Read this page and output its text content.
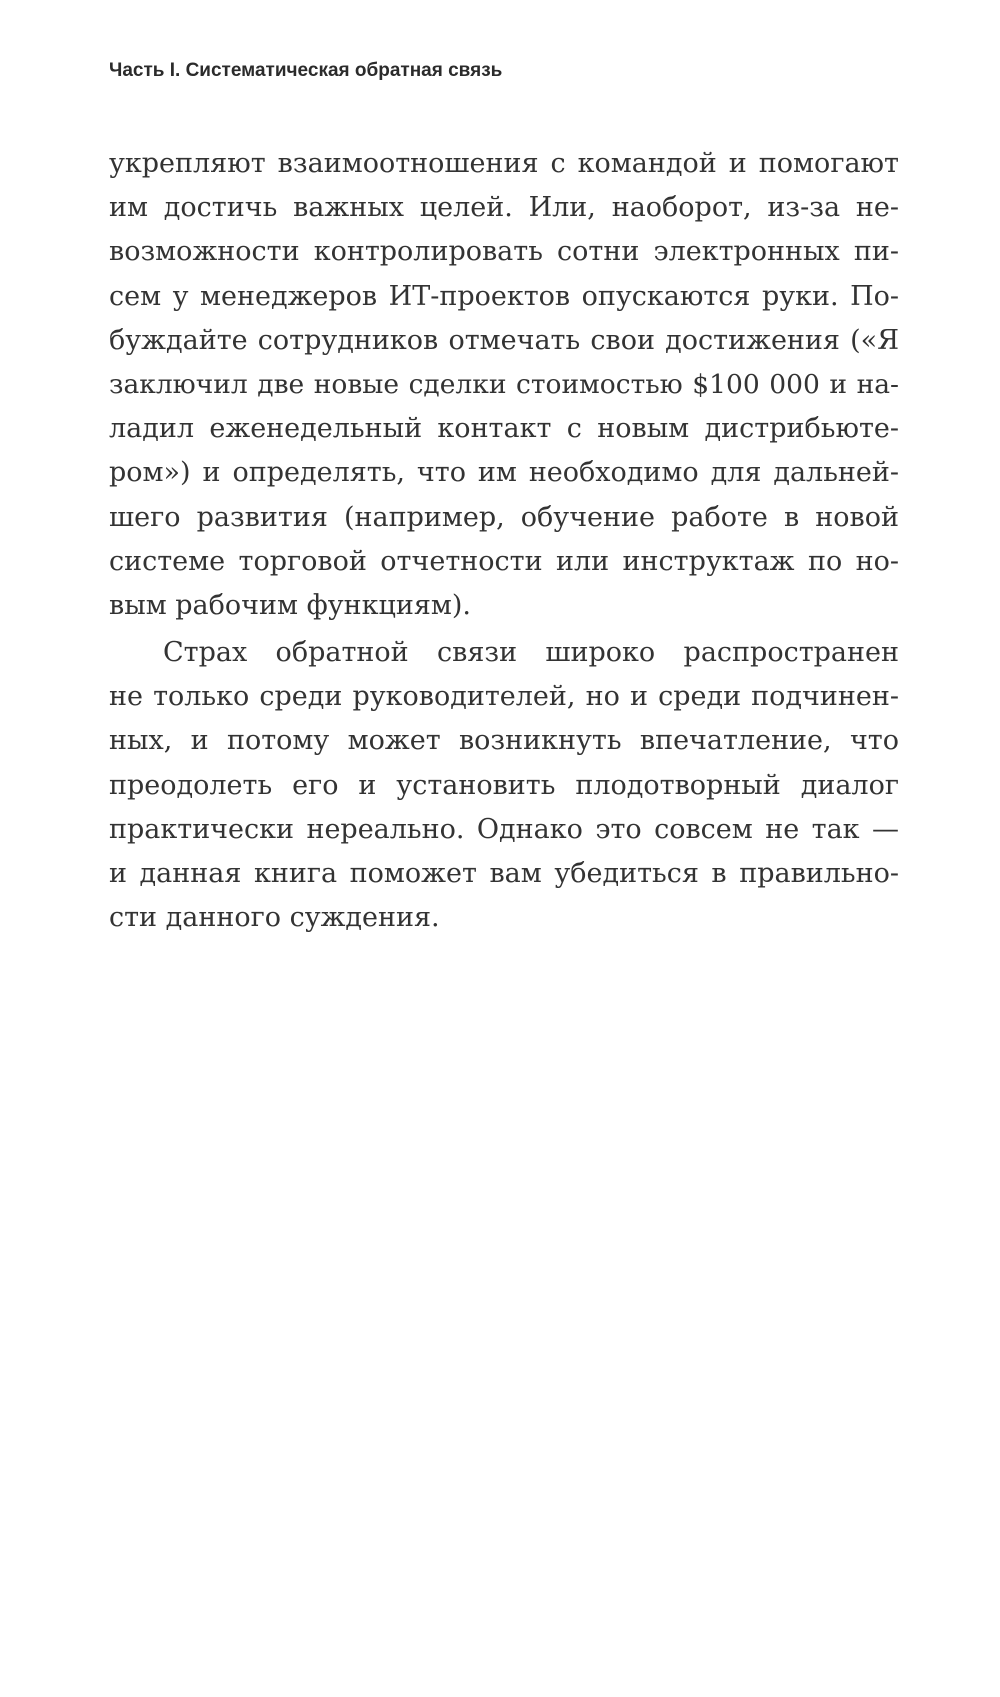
Часть I. Систематическая обратная связь
укрепляют взаимоотношения с командой и помогают
им достичь важных целей. Или, наоборот, из-за не-
возможности контролировать сотни электронных пи-
сем у менеджеров ИТ-проектов опускаются руки. По-
буждайте сотрудников отмечать свои достижения («Я
заключил две новые сделки стоимостью $100 000 и на-
ладил еженедельный контакт с новым дистрибьюте-
ром») и определять, что им необходимо для дальней-
шего развития (например, обучение работе в новой
системе торговой отчетности или инструктаж по но-
вым рабочим функциям).
Страх обратной связи широко распространен
не только среди руководителей, но и среди подчинен-
ных, и потому может возникнуть впечатление, что
преодолеть его и установить плодотворный диалог
практически нереально. Однако это совсем не так —
и данная книга поможет вам убедиться в правильно-
сти данного суждения.
